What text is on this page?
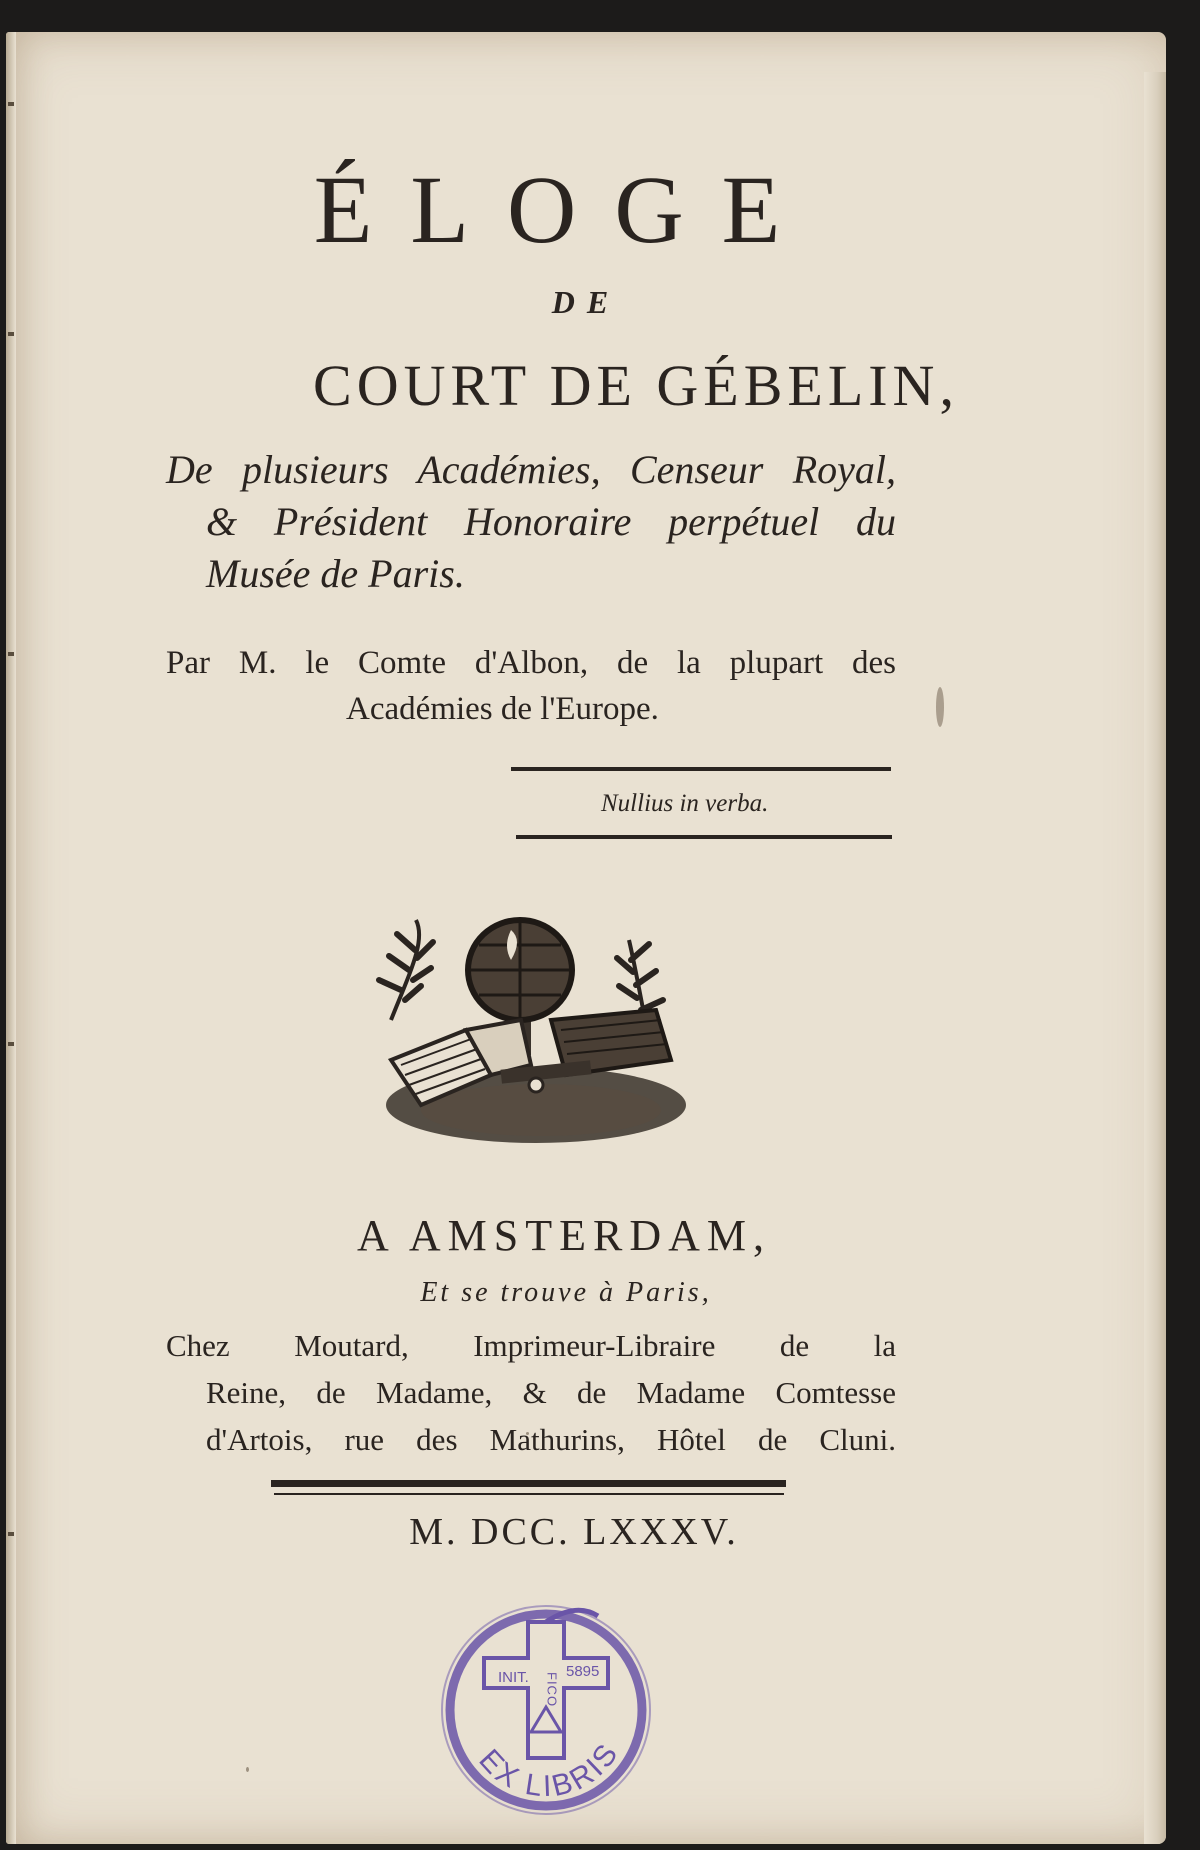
ÉLOGE
DE
COURT DE GÉBELIN,
De plusieurs Académies, Censeur Royal,
& Président Honoraire perpétuel du
Musée de Paris.
Par M. le Comte d'Albon, de la plupart des
Académies de l'Europe.
Nullius in verba.
A AMSTERDAM,
Et se trouve à Paris,
Chez Moutard, Imprimeur-Libraire de la
Reine, de Madame, & de Madame Comtesse
d'Artois, rue des Mathurins, Hôtel de Cluni.
M. DCC. LXXXV.
INIT. 5895
FICO
EX LIBRIS
